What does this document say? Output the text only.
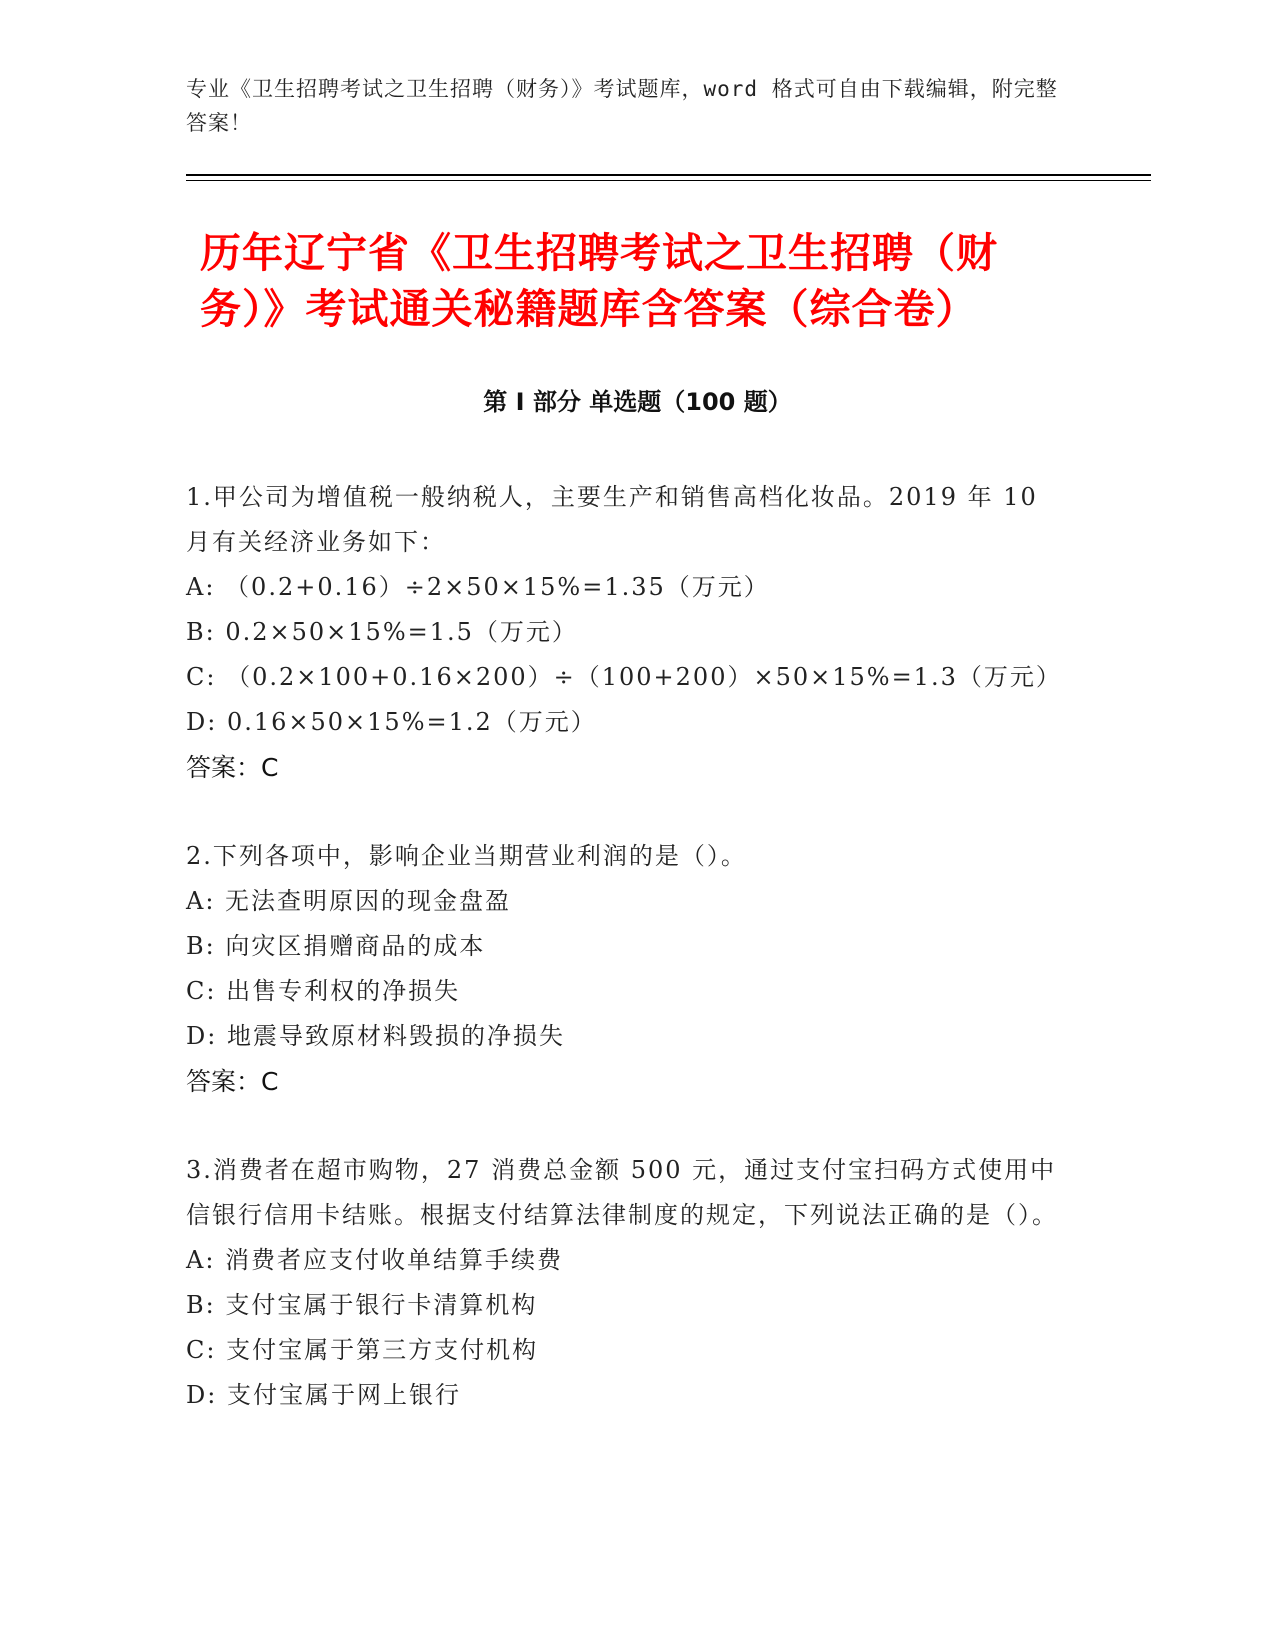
专业《卫生招聘考试之卫生招聘（财务）》考试题库，word 格式可自由下载编辑，附完整答案！
历年辽宁省《卫生招聘考试之卫生招聘（财务）》考试通关秘籍题库含答案（综合卷）
第 I 部分 单选题（100 题）
1.甲公司为增值税一般纳税人，主要生产和销售高档化妆品。2019 年 10 月有关经济业务如下：
A: （0.2+0.16）÷2×50×15%=1.35（万元）
B: 0.2×50×15%=1.5（万元）
C: （0.2×100+0.16×200）÷（100+200）×50×15%=1.3（万元）
D: 0.16×50×15%=1.2（万元）
答案：C
2.下列各项中，影响企业当期营业利润的是（）。
A: 无法查明原因的现金盘盈
B: 向灾区捐赠商品的成本
C: 出售专利权的净损失
D: 地震导致原材料毁损的净损失
答案：C
3.消费者在超市购物，27 消费总金额 500 元，通过支付宝扫码方式使用中信银行信用卡结账。根据支付结算法律制度的规定，下列说法正确的是（）。
A: 消费者应支付收单结算手续费
B: 支付宝属于银行卡清算机构
C: 支付宝属于第三方支付机构
D: 支付宝属于网上银行
